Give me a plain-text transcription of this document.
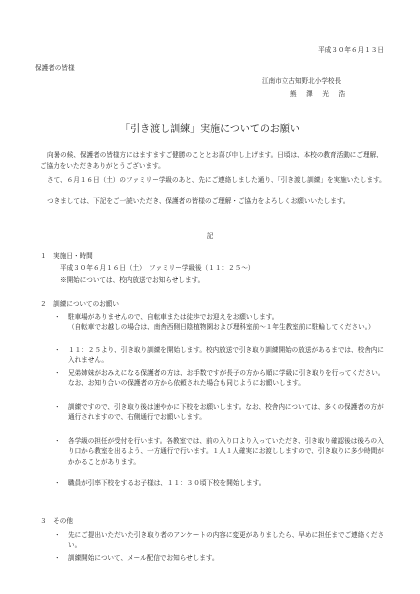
平成３０年６月１３日
保護者の皆様
江南市立古知野北小学校長
熊　澤　光　浩
「引き渡し訓練」実施についてのお願い
向暑の候、保護者の皆様方にはますますご健勝のこととお喜び申し上げます。日頃は、本校の教育活動にご理解、ご協力をいただきありがとうございます。
さて、６月１６日（土）のファミリー学級のあと、先にご連絡しました通り、「引き渡し訓練」を実施いたします。
つきましては、下記をご一読いただき、保護者の皆様のご理解・ご協力をよろしくお願いいたします。
記
１　実施日・時間
平成３０年６月１６日（土）　ファミリー学級後（１１：２５～）
※開始については、校内放送でお知らせします。
２　訓練についてのお願い
・	駐車場がありませんので、自転車または徒歩でお迎えをお願いします。
（自転車でお越しの場合は、南舎西側日陰植物園および理科室前～１年生教室前に駐輪してください。）
・	１１：２５より、引き取り訓練を開始します。校内放送で引き取り訓練開始の放送があるまでは、校舎内に入れません。
・	兄弟姉妹がおみえになる保護者の方は、お手数ですが長子の方から順に学級に引き取りを行ってください。なお、お知り合いの保護者の方から依頼された場合も同じようにお願いします。
・	訓練ですので、引き取り後は速やかに下校をお願いします。なお、校舎内については、多くの保護者の方が通行されますので、右側通行でお願いします。
・	各学級の担任が受付を行います。各教室では、前の入り口より入っていただき、引き取り確認後は後ろの入り口から教室を出るよう、一方通行で行います。１人１人確実にお渡ししますので、引き取りに多少時間がかかることがあります。
・	職員が引率下校をするお子様は、１１：３０頃下校を開始します。
３　その他
・	先にご提出いただいた引き取り者のアンケートの内容に変更がありましたら、早めに担任までご連絡ください。
・	訓練開始について、メール配信でお知らせします。
